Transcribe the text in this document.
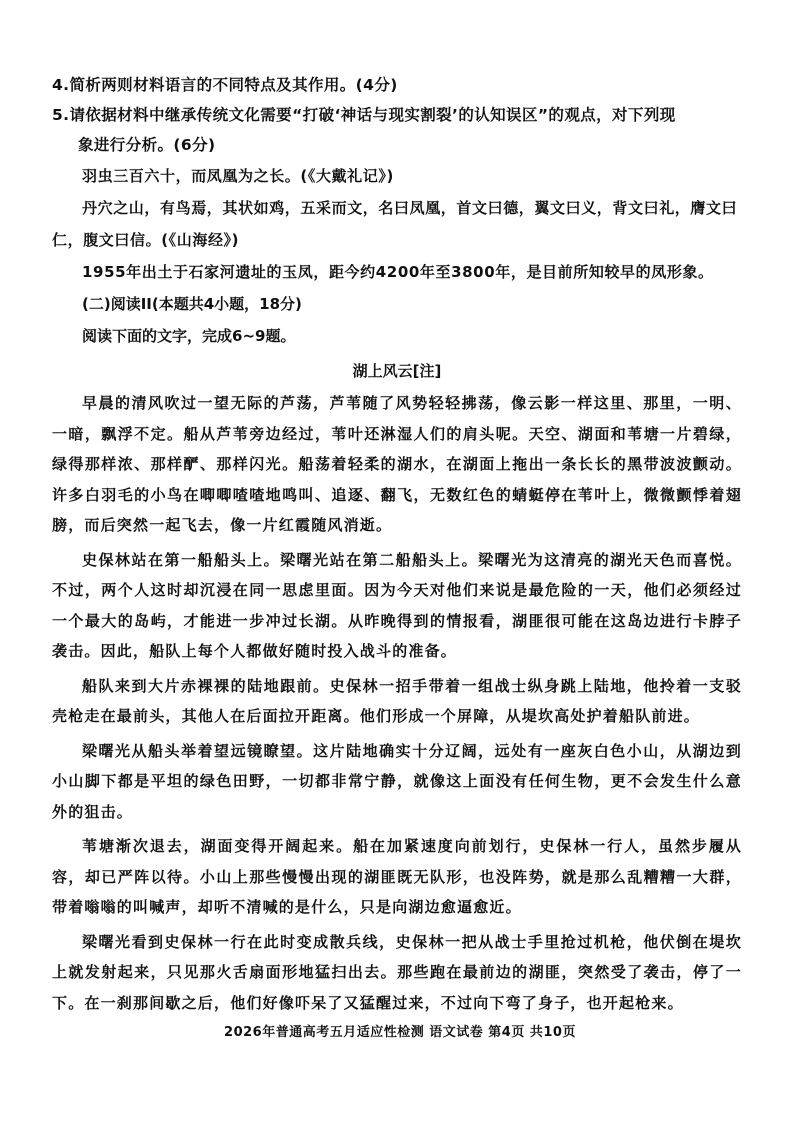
4.简析两则材料语言的不同特点及其作用。(4分)

5.请依据材料中继承传统文化需要“打破‘神话与现实割裂’的认知误区”的观点，对下列现
象进行分析。(6分)

羽虫三百六十，而凤凰为之长。(《大戴礼记》)

丹穴之山，有鸟焉，其状如鸡，五采而文，名曰凤凰，首文曰德，翼文曰义，背文曰礼，膺文曰仁，腹文曰信。(《山海经》)

1955年出土于石家河遗址的玉凤，距今约4200年至3800年，是目前所知较早的凤形象。

(二)阅读II(本题共4小题，18分)

阅读下面的文字，完成6~9题。

湖上风云[注]

早晨的清风吹过一望无际的芦荡，芦苇随了风势轻轻拂荡，像云影一样这里、那里，一明、一暗，飘浮不定。船从芦苇旁边经过，苇叶还淋湿人们的肩头呢。天空、湖面和苇塘一片碧绿，绿得那样浓、那样酽、那样闪光。船荡着轻柔的湖水，在湖面上拖出一条长长的黑带波波颤动。许多白羽毛的小鸟在唧唧喳喳地鸣叫、追逐、翻飞，无数红色的蜻蜓停在苇叶上，微微颤悸着翅膀，而后突然一起飞去，像一片红霞随风消逝。

史保林站在第一船船头上。梁曙光站在第二船船头上。梁曙光为这清亮的湖光天色而喜悦。不过，两个人这时却沉浸在同一思虑里面。因为今天对他们来说是最危险的一天，他们必须经过一个最大的岛屿，才能进一步冲过长湖。从昨晚得到的情报看，湖匪很可能在这岛边进行卡脖子袭击。因此，船队上每个人都做好随时投入战斗的准备。

船队来到大片赤裸裸的陆地跟前。史保林一招手带着一组战士纵身跳上陆地，他拎着一支驳壳枪走在最前头，其他人在后面拉开距离。他们形成一个屏障，从堤坎高处护着船队前进。

梁曙光从船头举着望远镜瞭望。这片陆地确实十分辽阔，远处有一座灰白色小山，从湖边到小山脚下都是平坦的绿色田野，一切都非常宁静，就像这上面没有任何生物，更不会发生什么意外的狙击。

苇塘渐次退去，湖面变得开阔起来。船在加紧速度向前划行，史保林一行人，虽然步履从容，却已严阵以待。小山上那些慢慢出现的湖匪既无队形，也没阵势，就是那么乱糟糟一大群，带着嗡嗡的叫喊声，却听不清喊的是什么，只是向湖边愈逼愈近。

梁曙光看到史保林一行在此时变成散兵线，史保林一把从战士手里抢过机枪，他伏倒在堤坎上就发射起来，只见那火舌扇面形地猛扫出去。那些跑在最前边的湖匪，突然受了袭击，停了一下。在一刹那间歇之后，他们好像吓呆了又猛醒过来，不过向下弯了身子，也开起枪来。

2026年普通高考五月适应性检测 语文试卷 第4页 共10页
